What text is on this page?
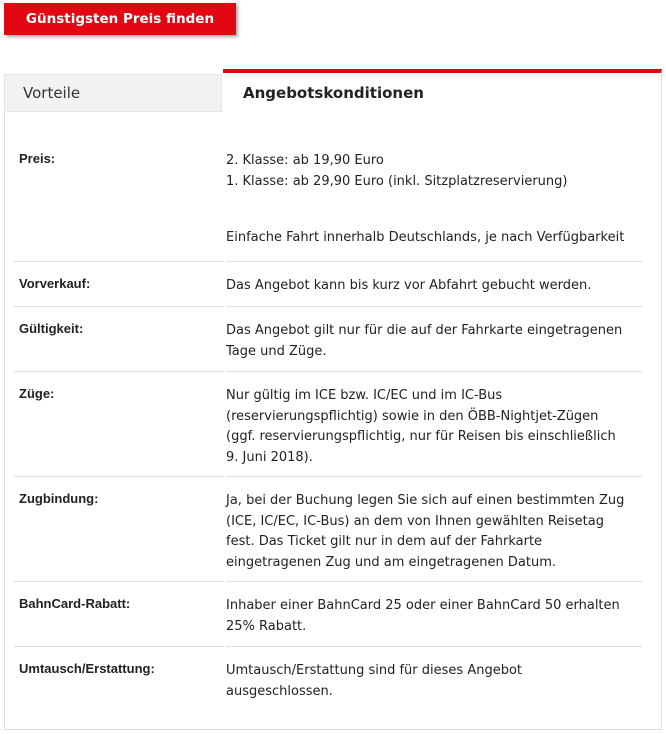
Günstigsten Preis finden
Vorteile	Angebotskonditionen
Preis:	2. Klasse: ab 19,90 Euro
1. Klasse: ab 29,90 Euro (inkl. Sitzplatzreservierung)
Einfache Fahrt innerhalb Deutschlands, je nach Verfügbarkeit
Vorverkauf:	Das Angebot kann bis kurz vor Abfahrt gebucht werden.
Gültigkeit:	Das Angebot gilt nur für die auf der Fahrkarte eingetragenen
Tage und Züge.
Züge:	Nur gültig im ICE bzw. IC/EC und im IC-Bus
(reservierungspflichtig) sowie in den ÖBB-Nightjet-Zügen
(ggf. reservierungspflichtig, nur für Reisen bis einschließlich
9. Juni 2018).
Zugbindung:	Ja, bei der Buchung legen Sie sich auf einen bestimmten Zug
(ICE, IC/EC, IC-Bus) an dem von Ihnen gewählten Reisetag
fest. Das Ticket gilt nur in dem auf der Fahrkarte
eingetragenen Zug und am eingetragenen Datum.
BahnCard-Rabatt:	Inhaber einer BahnCard 25 oder einer BahnCard 50 erhalten
25% Rabatt.
Umtausch/Erstattung:	Umtausch/Erstattung sind für dieses Angebot
ausgeschlossen.
